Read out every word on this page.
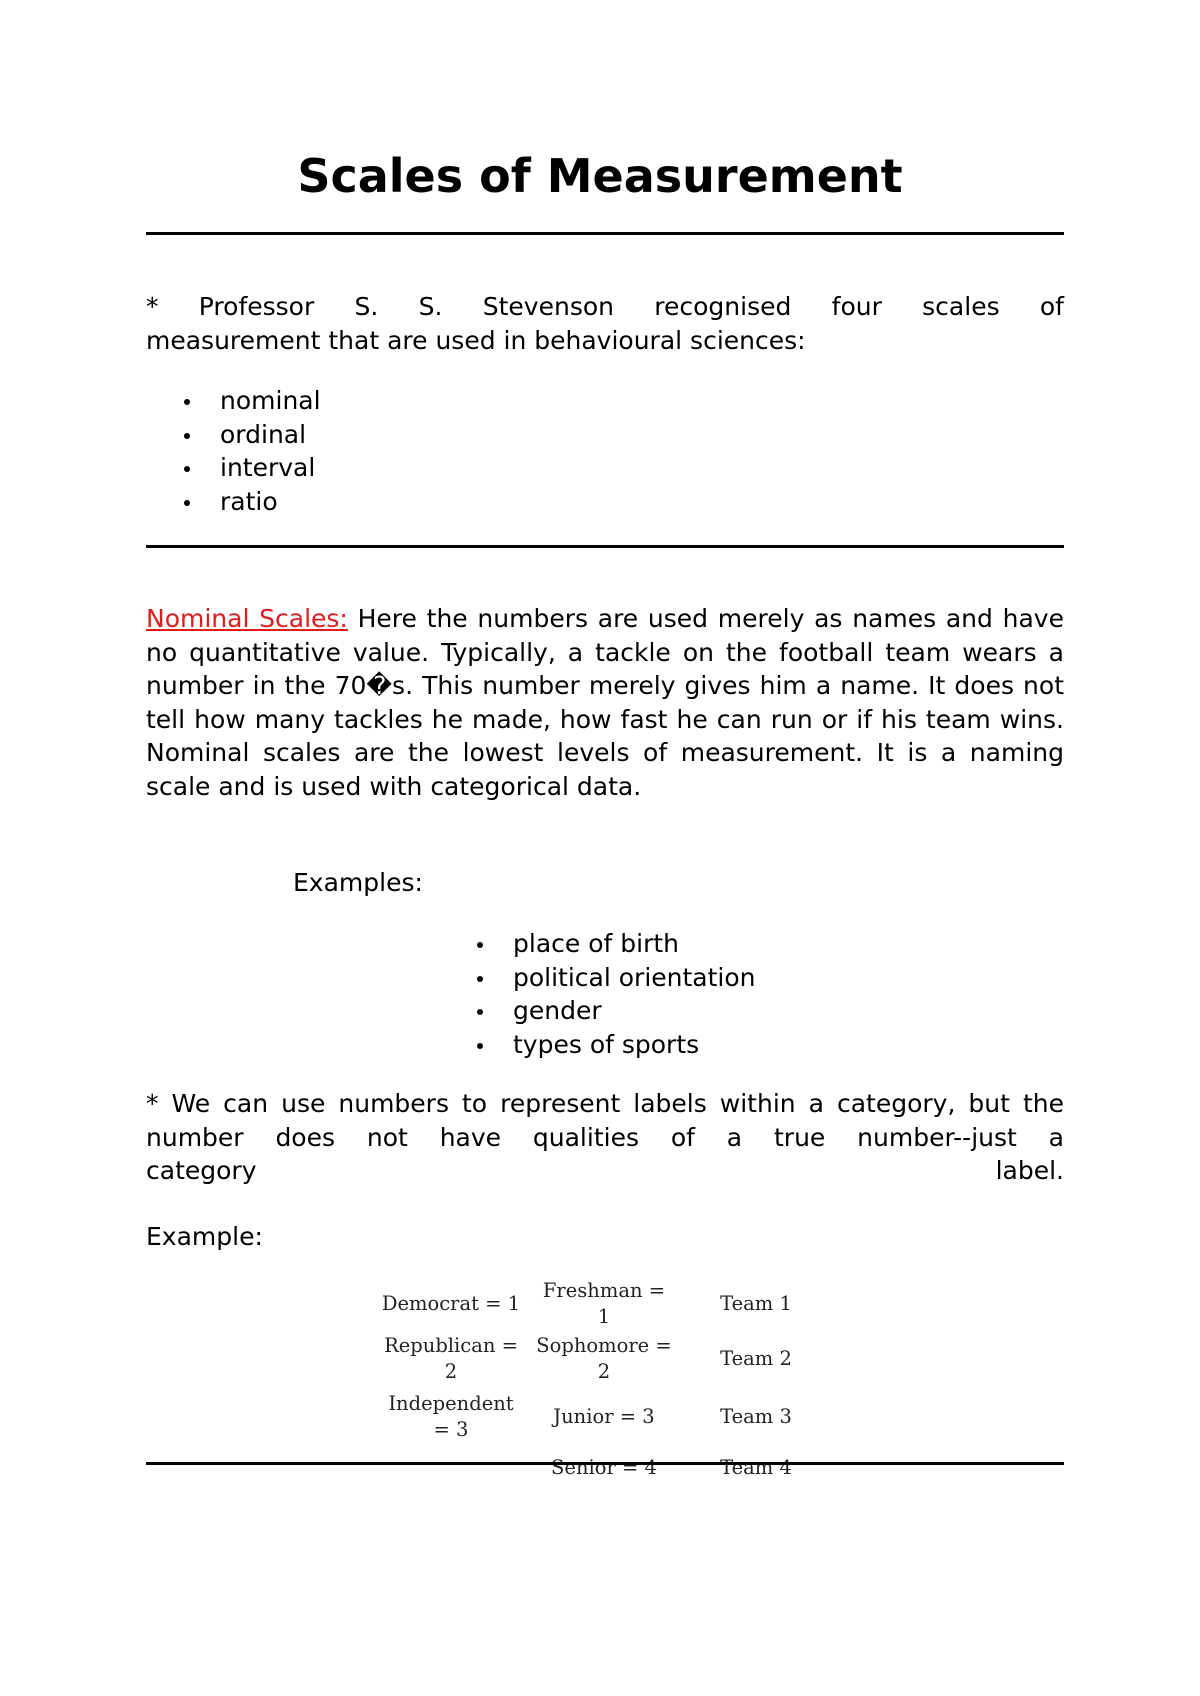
Scales of Measurement

* Professor S. S. Stevenson recognised four scales of
measurement that are used in behavioural sciences:

nominal
ordinal
interval
ratio

Nominal Scales: Here the numbers are used merely as names and have no quantitative value. Typically, a tackle on the football team wears a number in the 70�s. This number merely gives him a name. It does not tell how many tackles he made, how fast he can run or if his team wins. Nominal scales are the lowest levels of measurement. It is a naming scale and is used with categorical data.

Examples:
place of birth
political orientation
gender
types of sports

* We can use numbers to represent labels within a category, but the number does not have qualities of a true number--just a
category	label.

Example:
Democrat = 1	Freshman = 1	Team 1
Republican = 2	Sophomore = 2	Team 2
Independent = 3	Junior = 3	Team 3
	Senior = 4	Team 4
